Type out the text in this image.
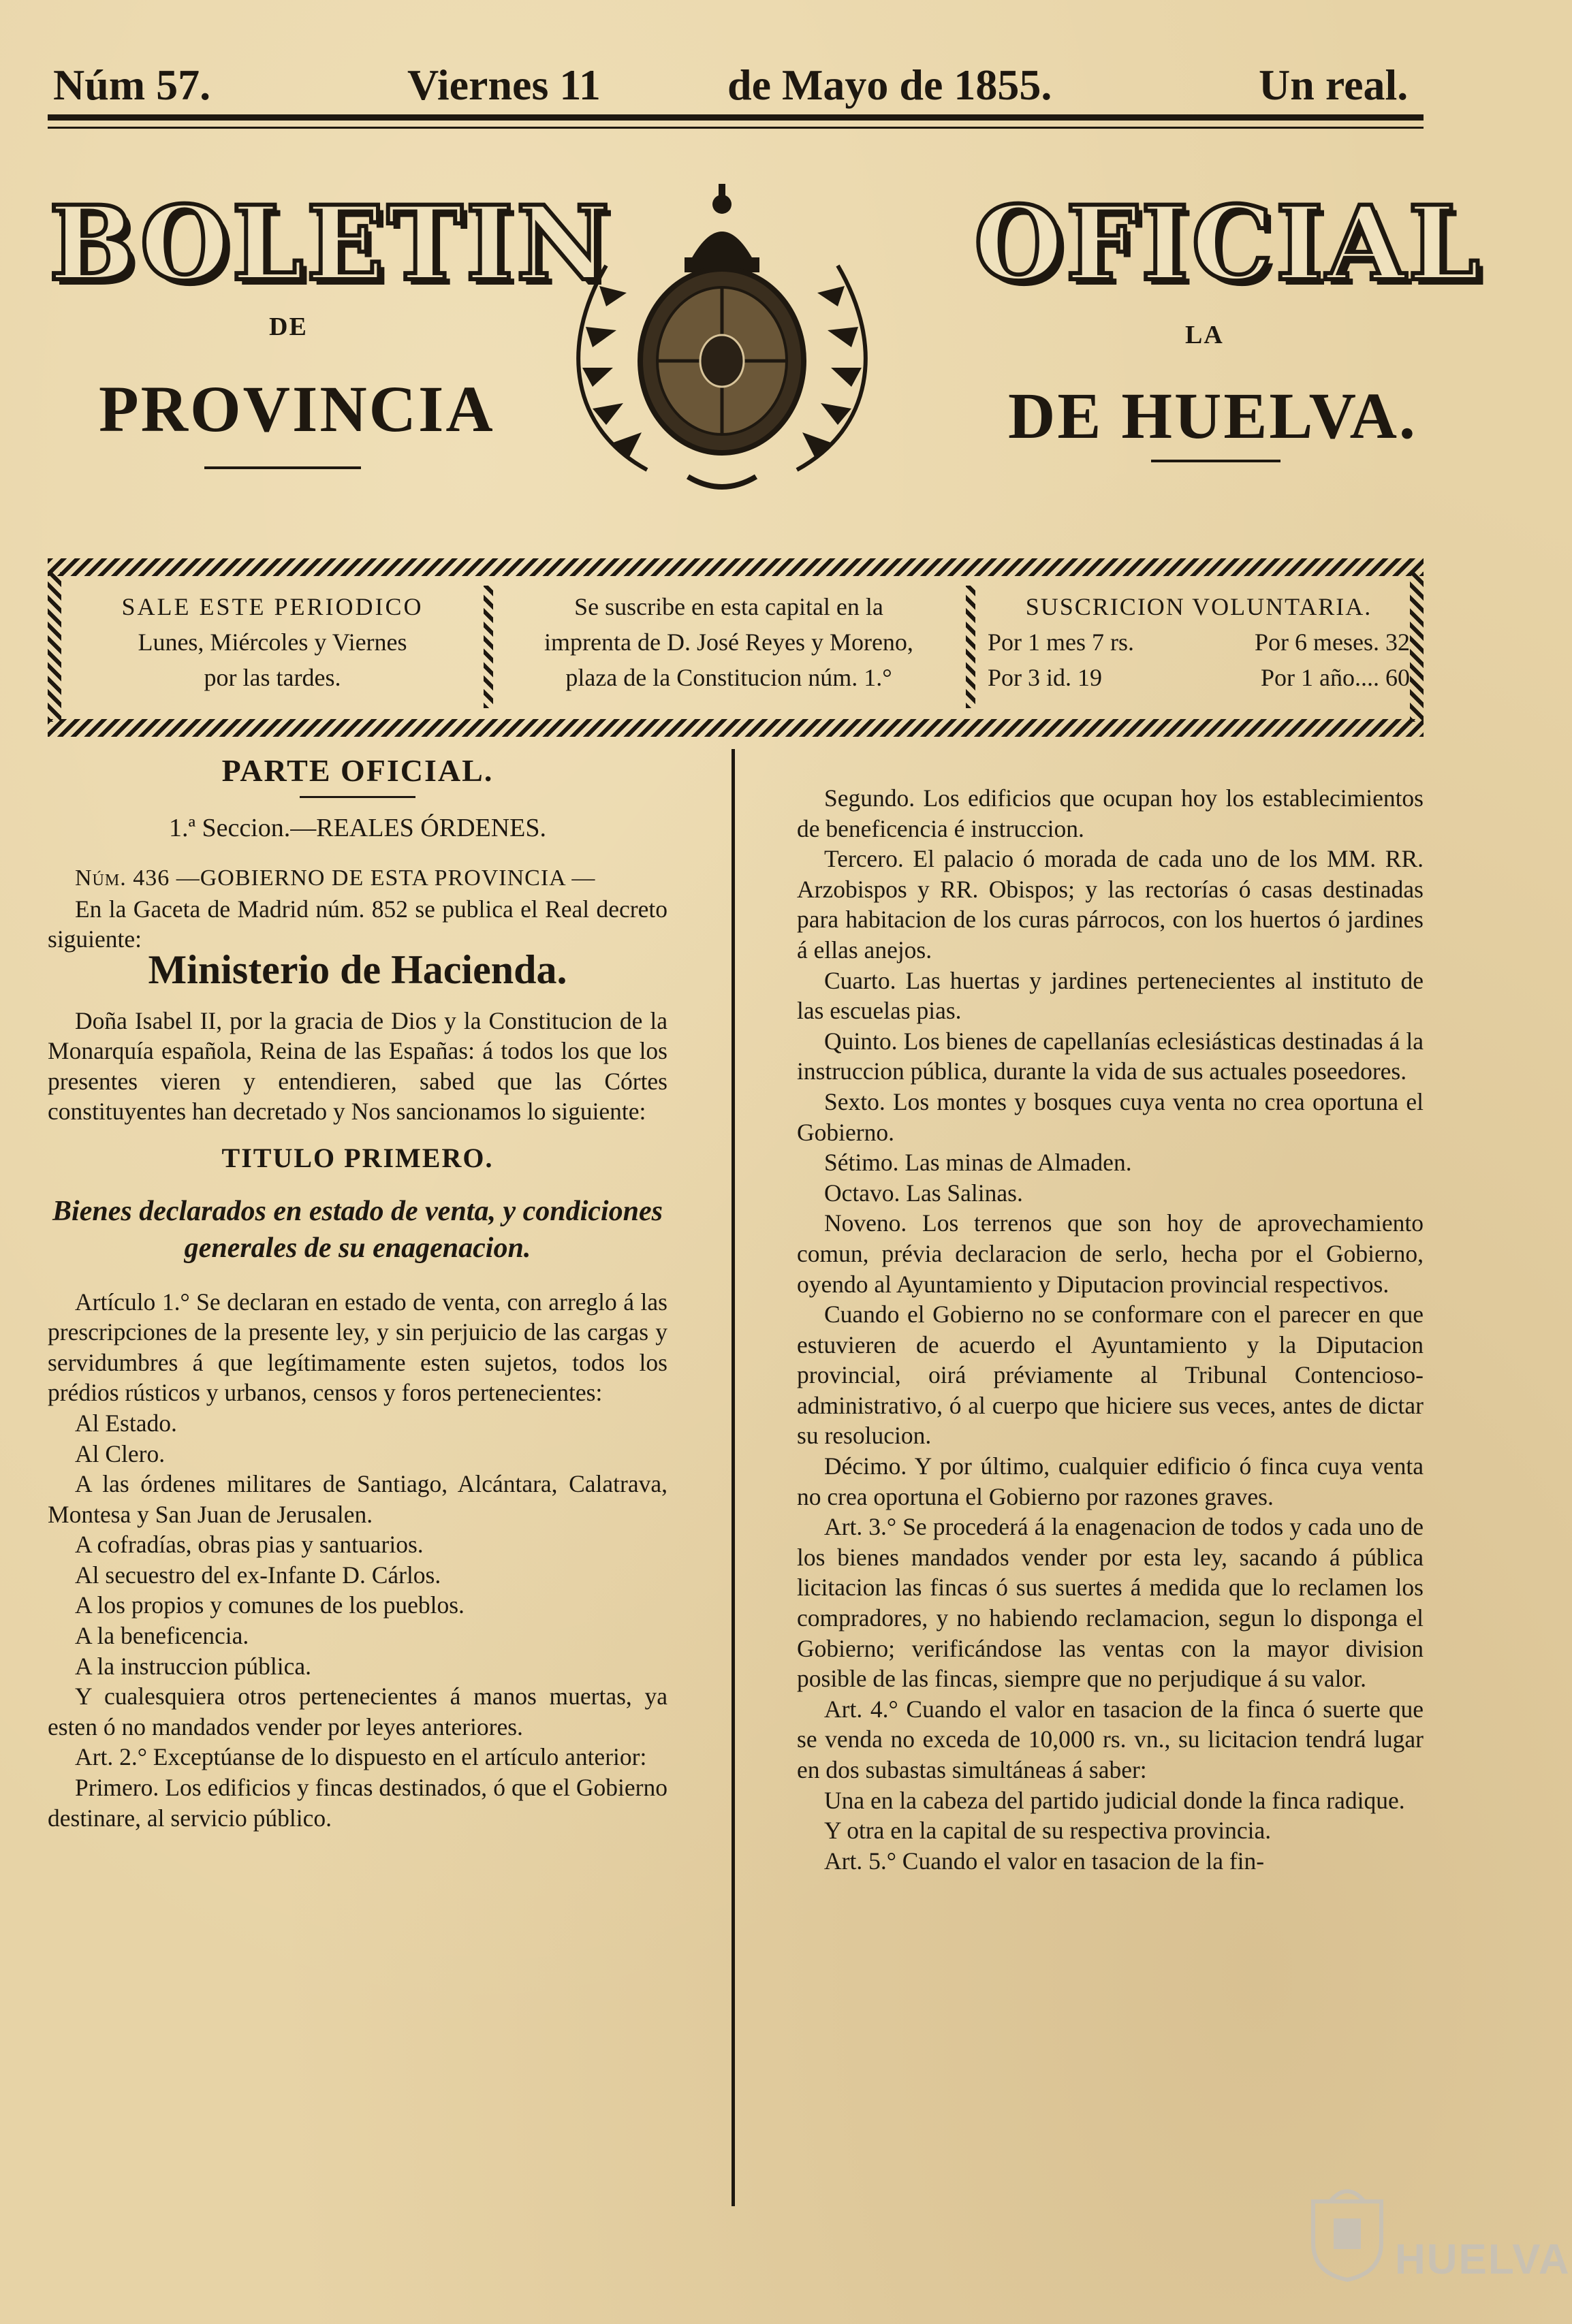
Núm 57.	Viernes 11	de Mayo de 1855.	Un real.
BOLETIN	OFICIAL
DE	LA
PROVINCIA	DE HUELVA.
SALE ESTE PERIODICO
Lunes, Miércoles y Viernes
por las tardes.
Se suscribe en esta capital en la
imprenta de D. José Reyes y Moreno,
plaza de la Constitucion núm. 1.°
SUSCRICION VOLUNTARIA.
Por 1 mes 7 rs.	Por 6 meses. 32
Por 3 id. 19	Por 1 año.... 60

PARTE OFICIAL.

1.ª Seccion.—REALES ÓRDENES.

Núm. 436 —GOBIERNO DE ESTA PROVINCIA —

En la Gaceta de Madrid núm. 852 se publica el Real decreto siguiente:

Ministerio de Hacienda.

Doña Isabel II, por la gracia de Dios y la Constitucion de la Monarquía española, Reina de las Españas: á todos los que los presentes vieren y entendieren, sabed que las Córtes constituyentes han decretado y Nos sancionamos lo siguiente:

TITULO PRIMERO.

Bienes declarados en estado de venta, y condiciones generales de su enagenacion.

Artículo 1.° Se declaran en estado de venta, con arreglo á las prescripciones de la presente ley, y sin perjuicio de las cargas y servidumbres á que legítimamente esten sujetos, todos los prédios rústicos y urbanos, censos y foros pertenecientes:

Al Estado.

Al Clero.

A las órdenes militares de Santiago, Alcántara, Calatrava, Montesa y San Juan de Jerusalen.

A cofradías, obras pias y santuarios.

Al secuestro del ex-Infante D. Cárlos.

A los propios y comunes de los pueblos.

A la beneficencia.

A la instruccion pública.

Y cualesquiera otros pertenecientes á manos muertas, ya esten ó no mandados vender por leyes anteriores.

Art. 2.° Exceptúanse de lo dispuesto en el artículo anterior:

Primero. Los edificios y fincas destinados, ó que el Gobierno destinare, al servicio público.

Segundo. Los edificios que ocupan hoy los establecimientos de beneficencia é instruccion.

Tercero. El palacio ó morada de cada uno de los MM. RR. Arzobispos y RR. Obispos; y las rectorías ó casas destinadas para habitacion de los curas párrocos, con los huertos ó jardines á ellas anejos.

Cuarto. Las huertas y jardines pertenecientes al instituto de las escuelas pias.

Quinto. Los bienes de capellanías eclesiásticas destinadas á la instruccion pública, durante la vida de sus actuales poseedores.

Sexto. Los montes y bosques cuya venta no crea oportuna el Gobierno.

Sétimo. Las minas de Almaden.

Octavo. Las Salinas.

Noveno. Los terrenos que son hoy de aprovechamiento comun, prévia declaracion de serlo, hecha por el Gobierno, oyendo al Ayuntamiento y Diputacion provincial respectivos.

Cuando el Gobierno no se conformare con el parecer en que estuvieren de acuerdo el Ayuntamiento y la Diputacion provincial, oirá préviamente al Tribunal Contencioso-administrativo, ó al cuerpo que hiciere sus veces, antes de dictar su resolucion.

Décimo. Y por último, cualquier edificio ó finca cuya venta no crea oportuna el Gobierno por razones graves.

Art. 3.° Se procederá á la enagenacion de todos y cada uno de los bienes mandados vender por esta ley, sacando á pública licitacion las fincas ó sus suertes á medida que lo reclamen los compradores, y no habiendo reclamacion, segun lo disponga el Gobierno; verificándose las ventas con la mayor division posible de las fincas, siempre que no perjudique á su valor.

Art. 4.° Cuando el valor en tasacion de la finca ó suerte que se venda no exceda de 10,000 rs. vn., su licitacion tendrá lugar en dos subastas simultáneas á saber:

Una en la cabeza del partido judicial donde la finca radique.

Y otra en la capital de su respectiva provincia.

Art. 5.° Cuando el valor en tasacion de la fin-

HUELVA
